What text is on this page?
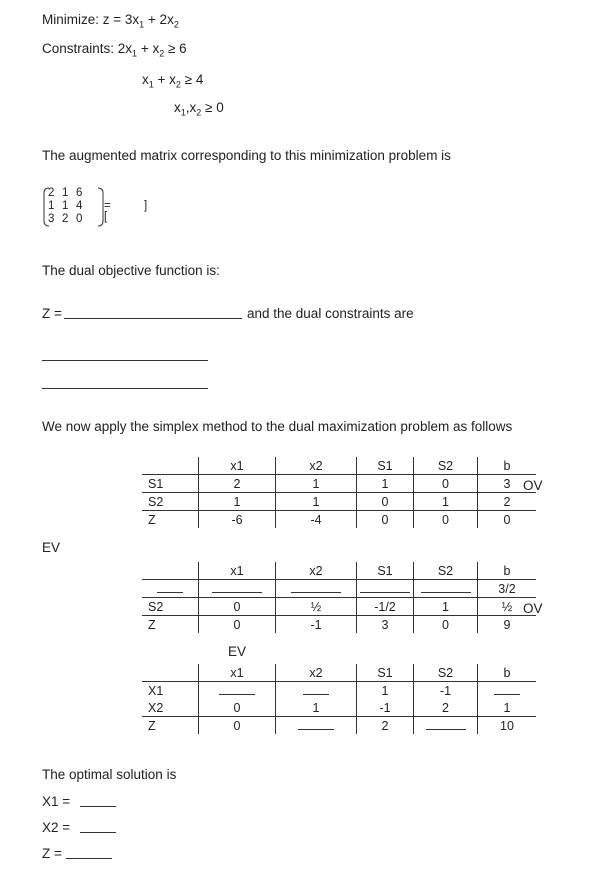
Minimize: $z = 3x_1 + 2x_2$
Constraints: $2x_1 + x_2 \ge 6$
$x_1 + x_2 \ge 4$
$x_1,x_2 \ge 0$
The augmented matrix corresponding to this minimization problem is
2 1 6
1 1 4
3 2 0
= [
]
The dual objective function is:
Z =	and the dual constraints are
We now apply the simplex method to the dual maximization problem as follows
	x1	x2	S1	S2	b
S1	2	1	1	0	3
S2	1	1	0	1	2
Z	-6	-4	0	0	0
OV
EV
	x1	x2	S1	S2	b
					3/2
S2	0	½	-1/2	1	½
Z	0	-1	3	0	9
OV
EV
	x1	x2	S1	S2	b
X1			1	-1	
X2	0	1	-1	2	1
Z	0		2		10
The optimal solution is
X1 =
X2 =
Z =
